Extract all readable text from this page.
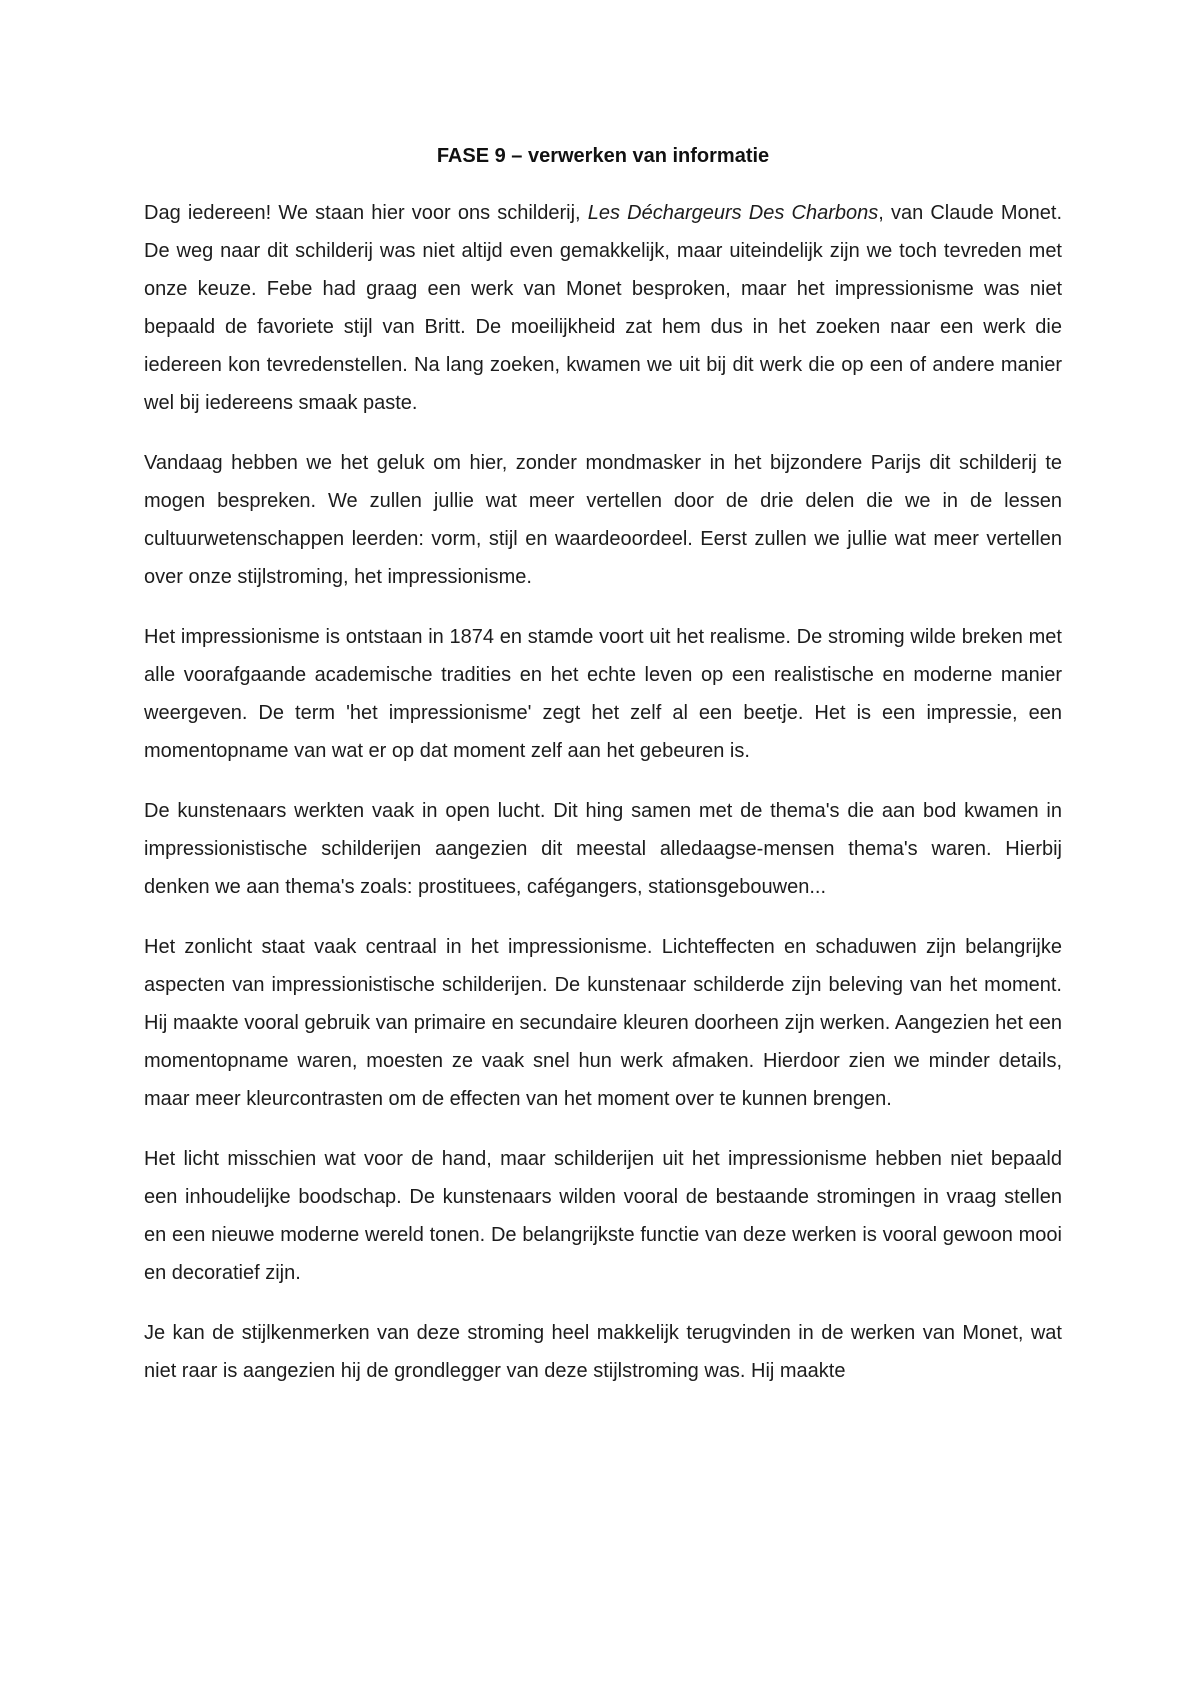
FASE 9 – verwerken van informatie

Dag iedereen! We staan hier voor ons schilderij, Les Déchargeurs Des Charbons, van Claude Monet. De weg naar dit schilderij was niet altijd even gemakkelijk, maar uiteindelijk zijn we toch tevreden met onze keuze. Febe had graag een werk van Monet besproken, maar het impressionisme was niet bepaald de favoriete stijl van Britt. De moeilijkheid zat hem dus in het zoeken naar een werk die iedereen kon tevredenstellen. Na lang zoeken, kwamen we uit bij dit werk die op een of andere manier wel bij iedereens smaak paste.

Vandaag hebben we het geluk om hier, zonder mondmasker in het bijzondere Parijs dit schilderij te mogen bespreken. We zullen jullie wat meer vertellen door de drie delen die we in de lessen cultuurwetenschappen leerden: vorm, stijl en waardeoordeel. Eerst zullen we jullie wat meer vertellen over onze stijlstroming, het impressionisme.

Het impressionisme is ontstaan in 1874 en stamde voort uit het realisme. De stroming wilde breken met alle voorafgaande academische tradities en het echte leven op een realistische en moderne manier weergeven. De term 'het impressionisme' zegt het zelf al een beetje. Het is een impressie, een momentopname van wat er op dat moment zelf aan het gebeuren is.

De kunstenaars werkten vaak in open lucht. Dit hing samen met de thema's die aan bod kwamen in impressionistische schilderijen aangezien dit meestal alledaagse-mensen thema's waren. Hierbij denken we aan thema's zoals: prostituees, cafégangers, stationsgebouwen...

Het zonlicht staat vaak centraal in het impressionisme. Lichteffecten en schaduwen zijn belangrijke aspecten van impressionistische schilderijen. De kunstenaar schilderde zijn beleving van het moment. Hij maakte vooral gebruik van primaire en secundaire kleuren doorheen zijn werken. Aangezien het een momentopname waren, moesten ze vaak snel hun werk afmaken. Hierdoor zien we minder details, maar meer kleurcontrasten om de effecten van het moment over te kunnen brengen.

Het licht misschien wat voor de hand, maar schilderijen uit het impressionisme hebben niet bepaald een inhoudelijke boodschap. De kunstenaars wilden vooral de bestaande stromingen in vraag stellen en een nieuwe moderne wereld tonen. De belangrijkste functie van deze werken is vooral gewoon mooi en decoratief zijn.

Je kan de stijlkenmerken van deze stroming heel makkelijk terugvinden in de werken van Monet, wat niet raar is aangezien hij de grondlegger van deze stijlstroming was. Hij maakte
